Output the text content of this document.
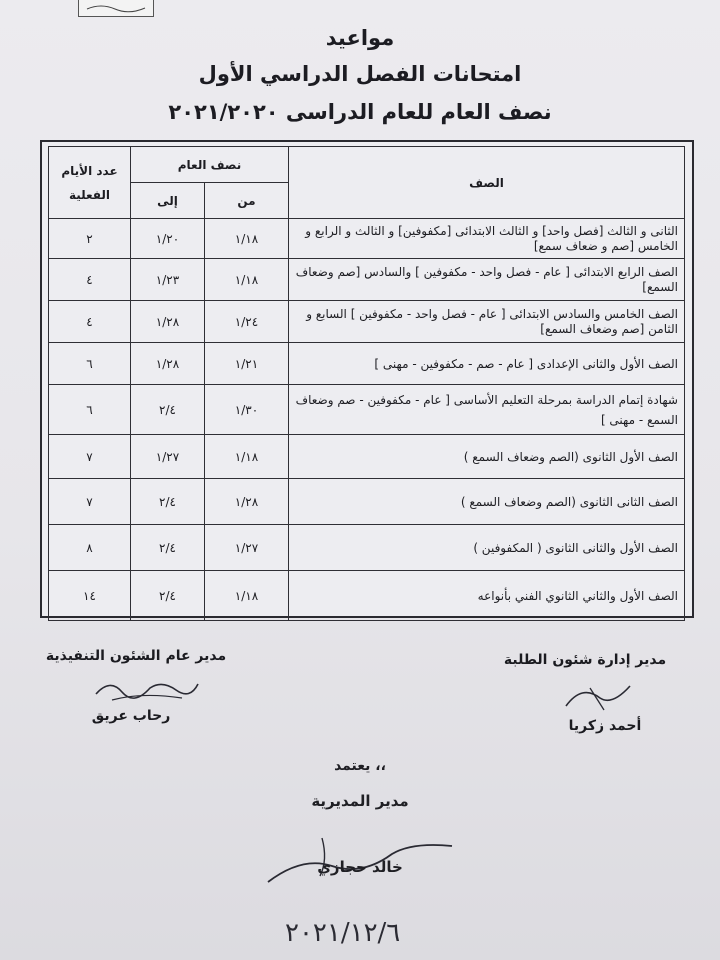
مواعيد
امتحانات الفصل الدراسي الأول
نصف العام للعام الدراسى ٢٠٢١/٢٠٢٠
الصف	نصف العام		عدد الأيام
الفعلية

	من	إلى	
الثانى و الثالث [فصل واحد] و الثالث الابتدائى [مكفوفين] و الثالث و الرابع و الخامس [صم و ضعاف سمع]	١/١٨	١/٢٠	٢
الصف الرابع الابتدائى [ عام - فصل واحد - مكفوفين ] والسادس [صم وضعاف السمع]	١/١٨	١/٢٣	٤
الصف الخامس والسادس الابتدائى [ عام - فصل واحد - مكفوفين ] السابع و الثامن [صم وضعاف السمع]	١/٢٤	١/٢٨	٤
الصف الأول والثانى الإعدادى [ عام - صم - مكفوفين - مهنى ]	١/٢١	١/٢٨	٦
شهادة إتمام الدراسة بمرحلة التعليم الأساسى [ عام - مكفوفين - صم وضعاف السمع - مهنى ]	١/٣٠	٢/٤	٦
الصف الأول الثانوى (الصم وضعاف السمع )	١/١٨	١/٢٧	٧
الصف الثانى الثانوى (الصم وضعاف السمع )	١/٢٨	٢/٤	٧
الصف الأول والثانى الثانوى ( المكفوفين )	١/٢٧	٢/٤	٨
الصف الأول والثاني الثانوي الفني بأنواعه	١/١٨	٢/٤	١٤
مدير عام الشئون التنفيذية
رحاب عريق
مدير إدارة شئون الطلبة
أحمد زكريا
يعتمد ،،
مدير المديرية
خالد حجازي
٢٠٢١/١٢/٦
